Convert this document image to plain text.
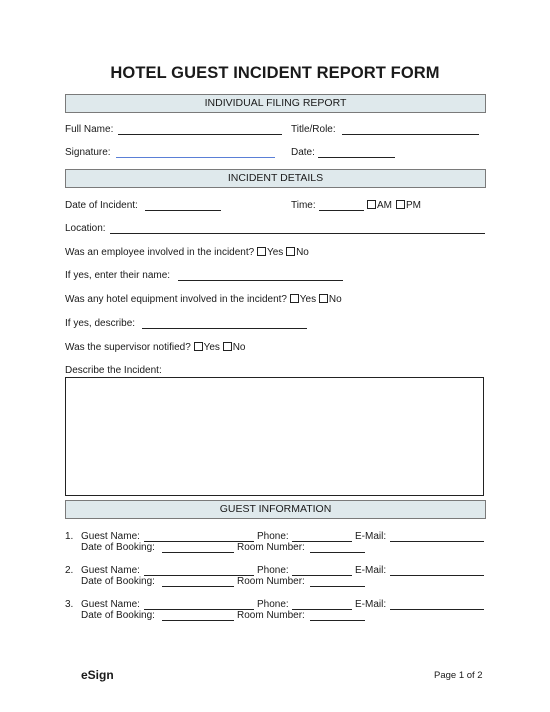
HOTEL GUEST INCIDENT REPORT FORM
INDIVIDUAL FILING REPORT
Full Name:	Title/Role:
Signature:	Date:
INCIDENT DETAILS
Date of Incident:	Time:	AM	PM
Location:
Was an employee involved in the incident? Yes No
If yes, enter their name:
Was any hotel equipment involved in the incident? Yes No
If yes, describe:
Was the supervisor notified? Yes No
Describe the Incident:
GUEST INFORMATION
1. Guest Name:	Phone:	E-Mail:
Date of Booking:	Room Number:
2. Guest Name:	Phone:	E-Mail:
Date of Booking:	Room Number:
3. Guest Name:	Phone:	E-Mail:
Date of Booking:	Room Number:
eSign	Page 1 of 2
